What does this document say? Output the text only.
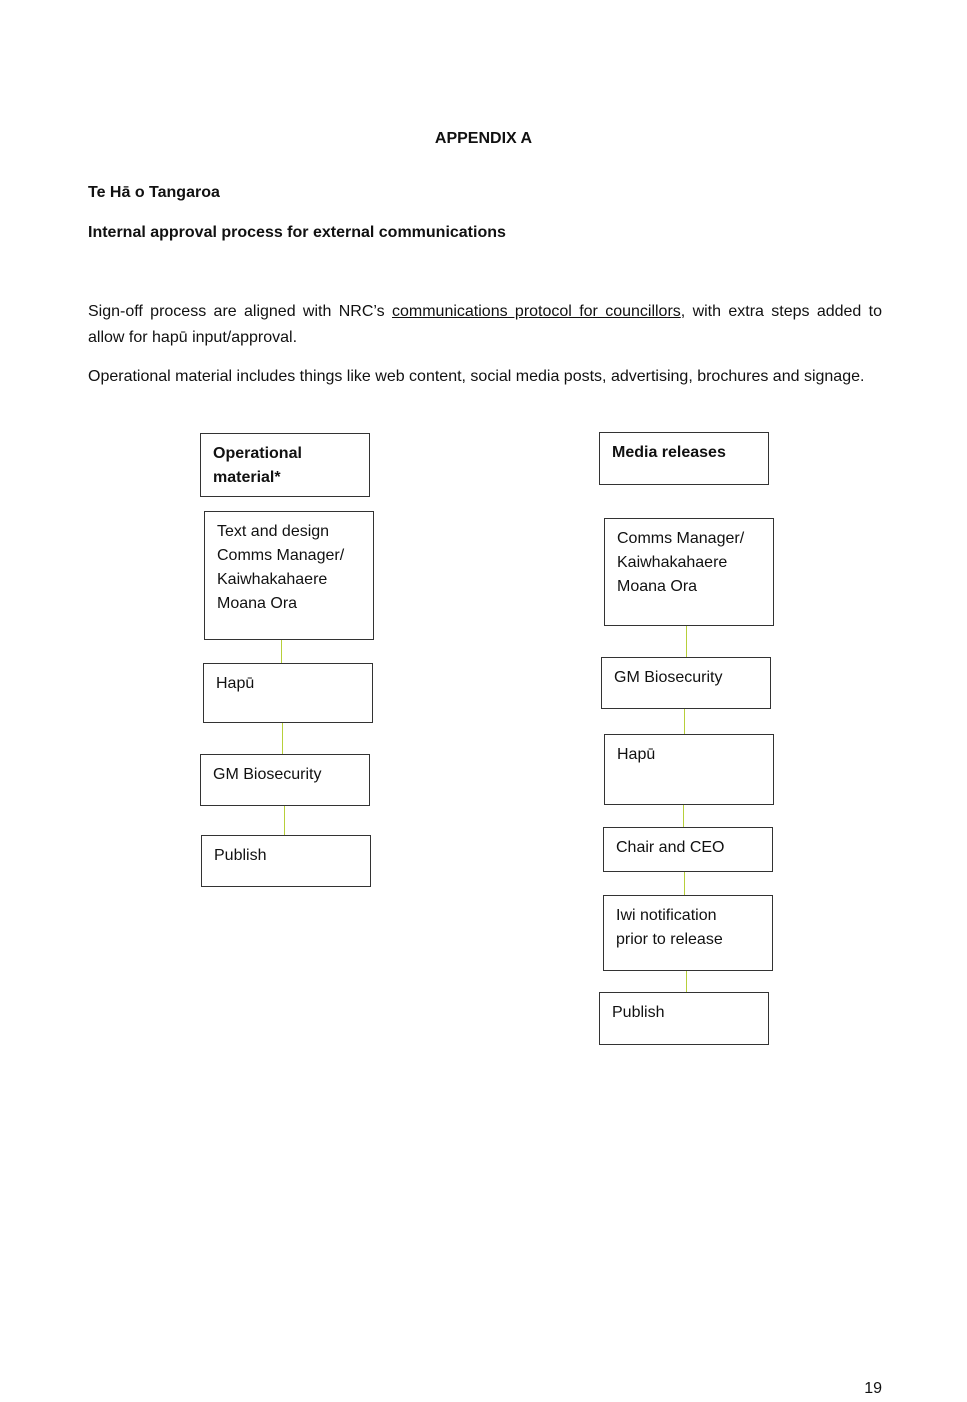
APPENDIX A
Te Hā o Tangaroa
Internal approval process for external communications
Sign-off process are aligned with NRC’s communications protocol for councillors, with extra steps added to allow for hapū input/approval.
Operational material includes things like web content, social media posts, advertising, brochures and signage.
Operational
material*
Text and design
Comms Manager/
Kaiwhakahaere
Moana Ora
Hapū
GM Biosecurity
Publish
Media releases
Comms Manager/
Kaiwhakahaere
Moana Ora
GM Biosecurity
Hapū
Chair and CEO
Iwi notification
prior to release
Publish
19
